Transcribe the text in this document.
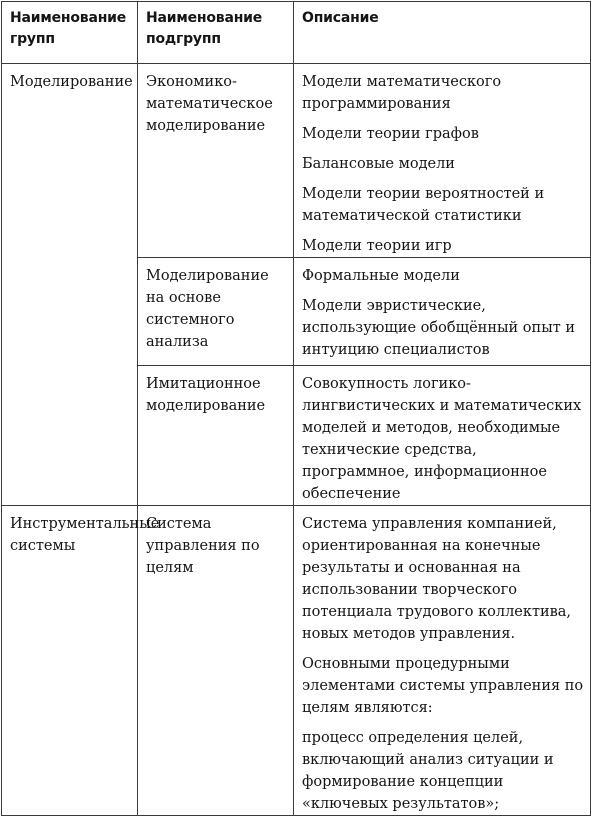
Наименование групп	Наименование подгрупп	Описание

Моделирование	Экономико-математическое моделирование	Модели математического программирования
Модели теории графов
Балансовые модели
Модели теории вероятностей и математической статистики
Модели теории игр

	Моделирование на основе системного анализа	Формальные модели
Модели эвристические, использующие обобщённый опыт и интуицию специалистов

	Имитационное моделирование	Совокупность логико-лингвистических и математических моделей и методов, необходимые технические средства, программное, информационное обеспечение

Инструментальные системы	Система управления по целям	Система управления компанией, ориентированная на конечные результаты и основанная на использовании творческого потенциала трудового коллектива, новых методов управления.
Основными процедурными элементами системы управления по целям являются:
процесс определения целей, включающий анализ ситуации и формирование концепции «ключевых результатов»;
